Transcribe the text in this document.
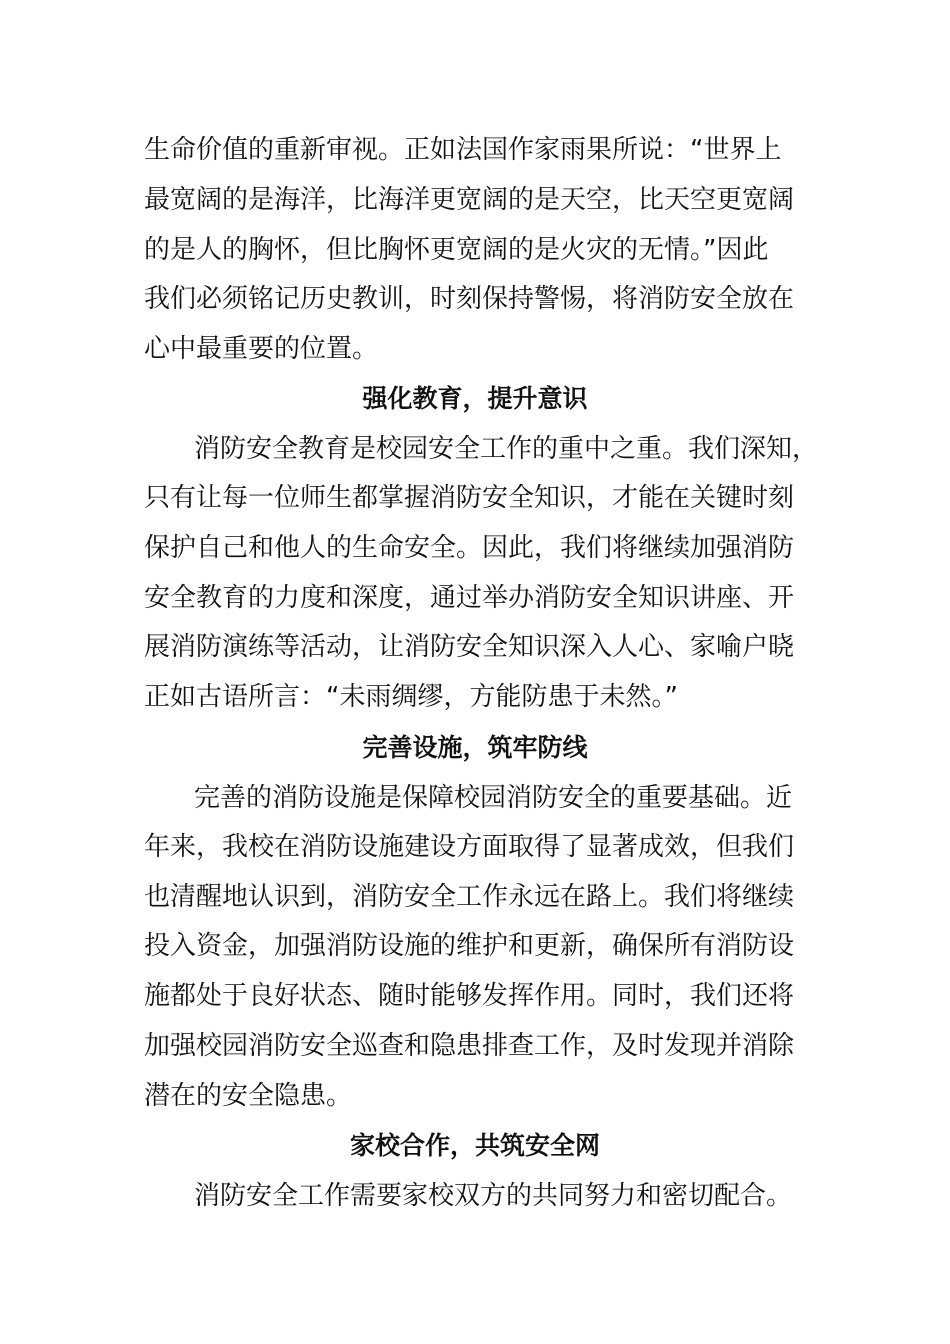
生命价值的重新审视。正如法国作家雨果所说：“世界上
最宽阔的是海洋，比海洋更宽阔的是天空，比天空更宽阔
的是人的胸怀，但比胸怀更宽阔的是火灾的无情。”因此
我们必须铭记历史教训，时刻保持警惕，将消防安全放在
心中最重要的位置。
强化教育，提升意识
消防安全教育是校园安全工作的重中之重。我们深知，
只有让每一位师生都掌握消防安全知识，才能在关键时刻
保护自己和他人的生命安全。因此，我们将继续加强消防
安全教育的力度和深度，通过举办消防安全知识讲座、开
展消防演练等活动，让消防安全知识深入人心、家喻户晓
正如古语所言：“未雨绸缪，方能防患于未然。”
完善设施，筑牢防线
完善的消防设施是保障校园消防安全的重要基础。近
年来，我校在消防设施建设方面取得了显著成效，但我们
也清醒地认识到，消防安全工作永远在路上。我们将继续
投入资金，加强消防设施的维护和更新，确保所有消防设
施都处于良好状态、随时能够发挥作用。同时，我们还将
加强校园消防安全巡查和隐患排查工作，及时发现并消除
潜在的安全隐患。
家校合作，共筑安全网
消防安全工作需要家校双方的共同努力和密切配合。
